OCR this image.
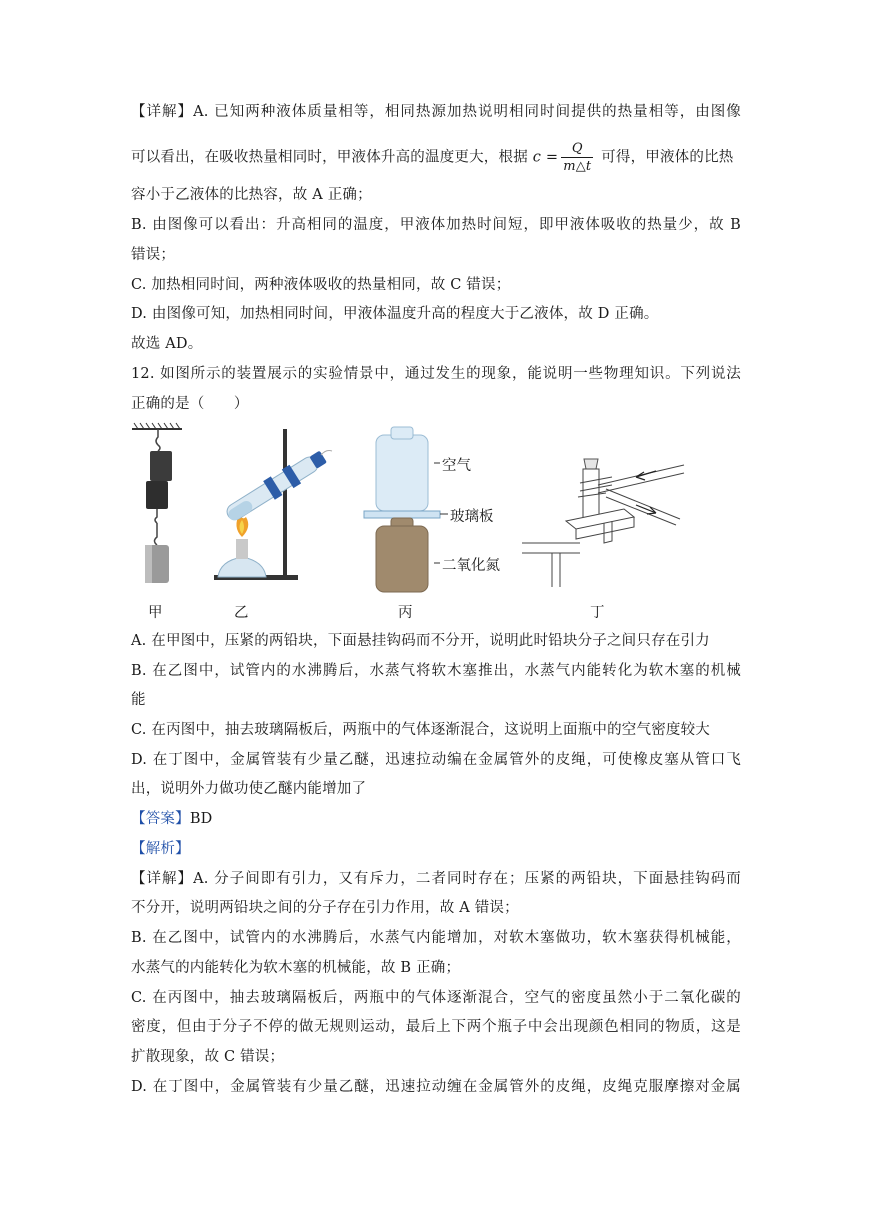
【详解】A. 已知两种液体质量相等，相同热源加热说明相同时间提供的热量相等，由图像
可以看出，在吸收热量相同时，甲液体升高的温度更大，根据 $c = \frac{Q}{m\triangle t}$ 可得，甲液体的比热
容小于乙液体的比热容，故 A 正确；
B. 由图像可以看出：升高相同的温度，甲液体加热时间短，即甲液体吸收的热量少，故 B
错误；
C. 加热相同时间，两种液体吸收的热量相同，故 C 错误；
D. 由图像可知，加热相同时间，甲液体温度升高的程度大于乙液体，故 D 正确。
故选 AD。
12. 如图所示的装置展示的实验情景中，通过发生的现象，能说明一些物理知识。下列说法
正确的是（　　）
空气
玻璃板
二氧化氮
甲	乙	丙	丁
A. 在甲图中，压紧的两铅块，下面悬挂钩码而不分开，说明此时铅块分子之间只存在引力
B. 在乙图中，试管内的水沸腾后，水蒸气将软木塞推出，水蒸气内能转化为软木塞的机械
能
C. 在丙图中，抽去玻璃隔板后，两瓶中的气体逐渐混合，这说明上面瓶中的空气密度较大
D. 在丁图中，金属管装有少量乙醚，迅速拉动编在金属管外的皮绳，可使橡皮塞从管口飞
出，说明外力做功使乙醚内能增加了
【答案】BD
【解析】
【详解】A. 分子间即有引力，又有斥力，二者同时存在；压紧的两铅块，下面悬挂钩码而
不分开，说明两铅块之间的分子存在引力作用，故 A 错误；
B. 在乙图中，试管内的水沸腾后，水蒸气内能增加，对软木塞做功，软木塞获得机械能，
水蒸气的内能转化为软木塞的机械能，故 B 正确；
C. 在丙图中，抽去玻璃隔板后，两瓶中的气体逐渐混合，空气的密度虽然小于二氧化碳的
密度，但由于分子不停的做无规则运动，最后上下两个瓶子中会出现颜色相同的物质，这是
扩散现象，故 C 错误；
D. 在丁图中，金属管装有少量乙醚，迅速拉动缠在金属管外的皮绳，皮绳克服摩擦对金属
